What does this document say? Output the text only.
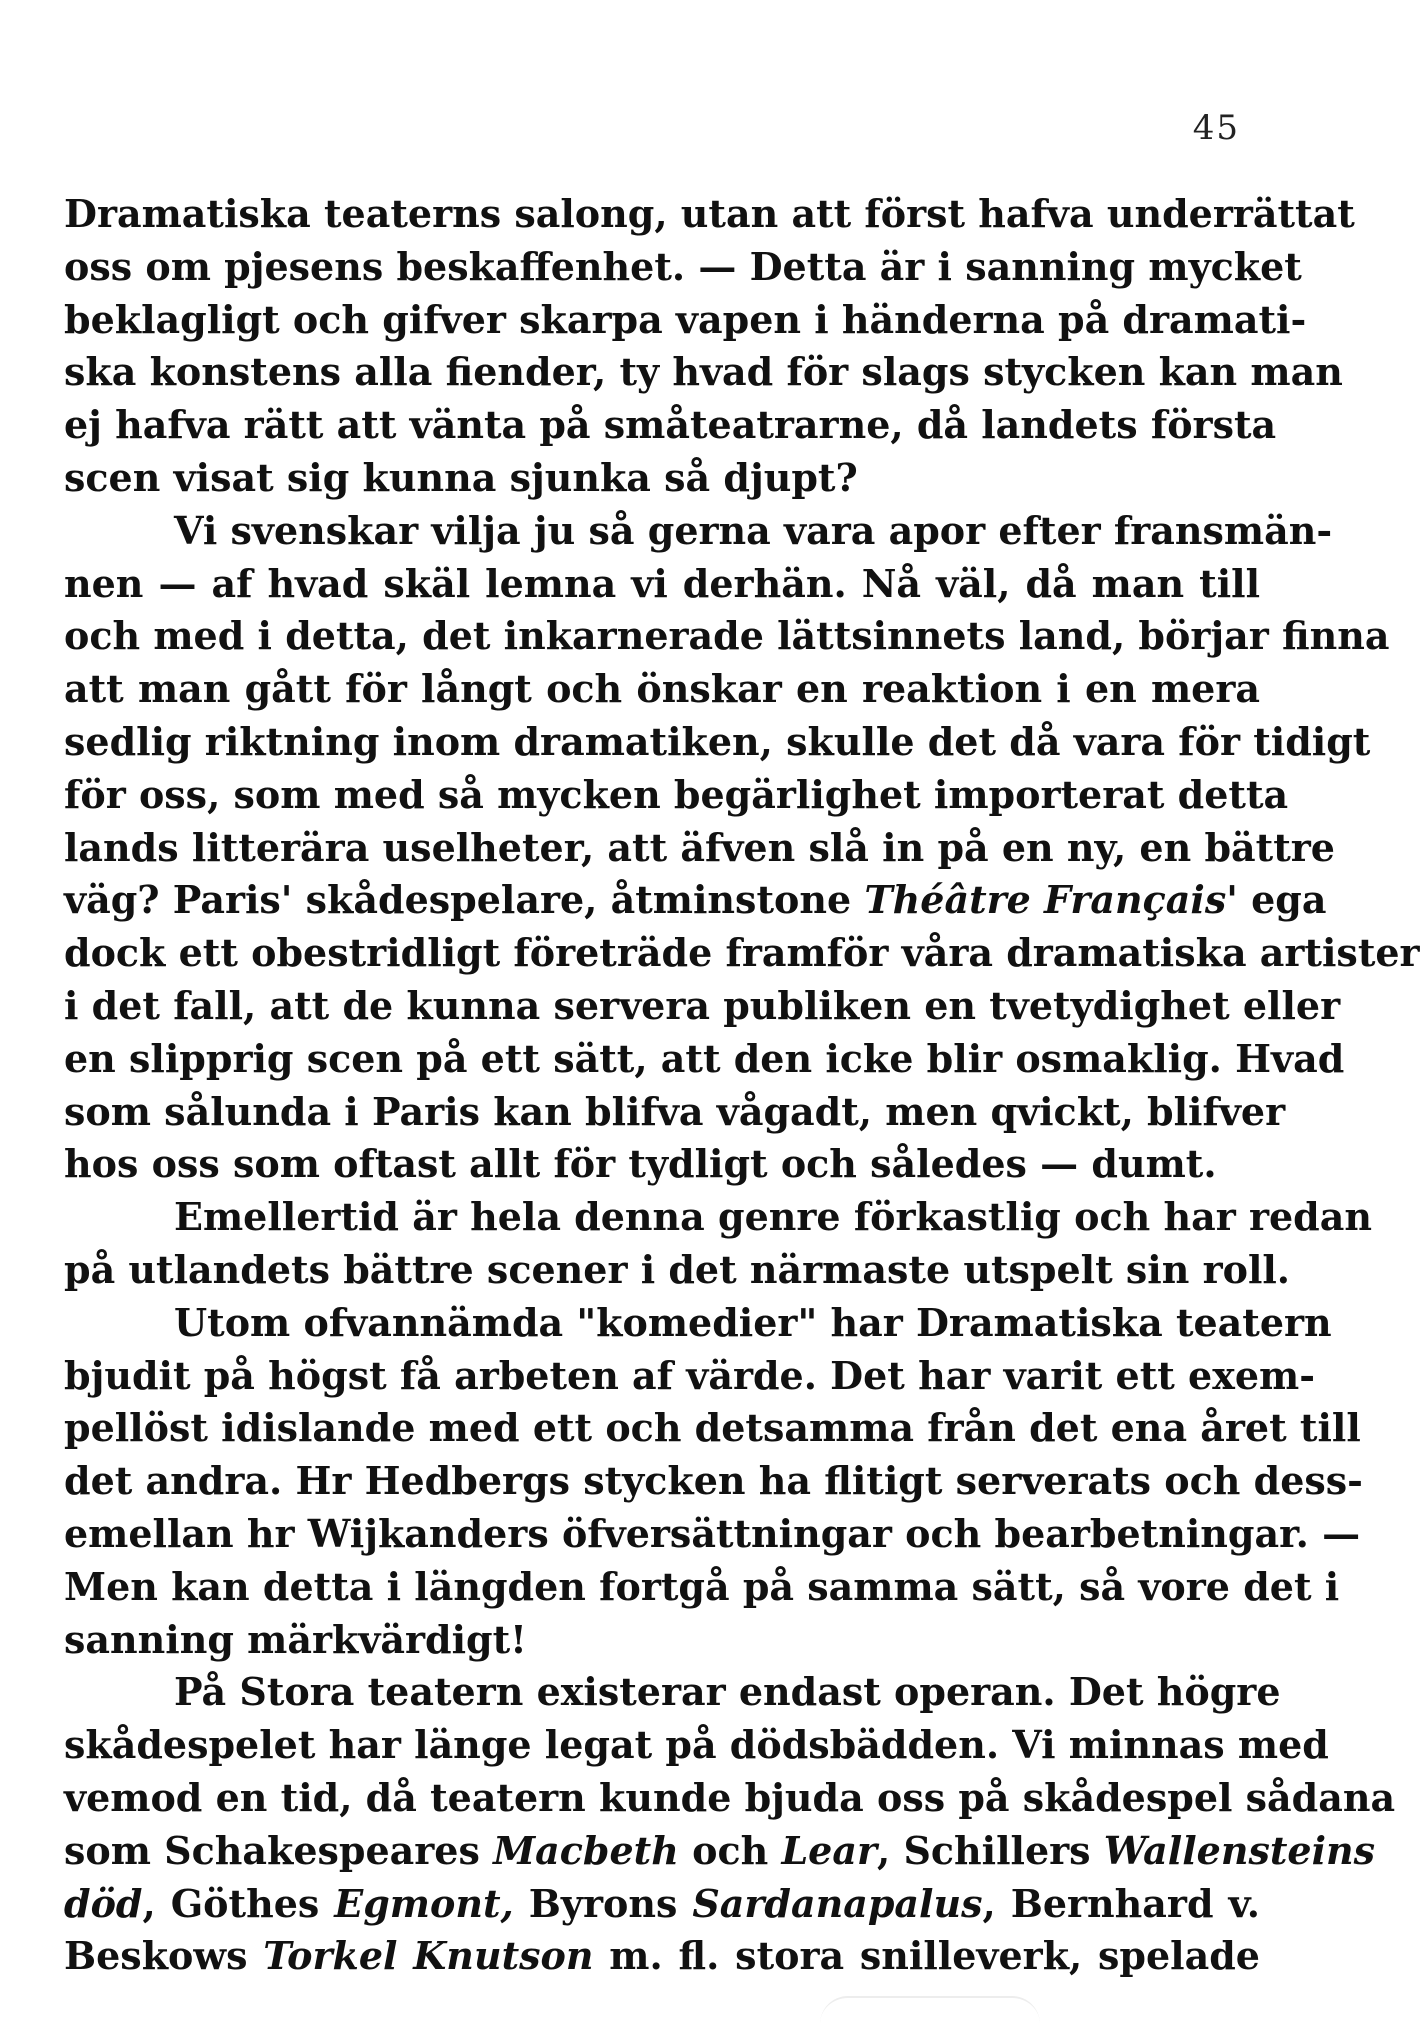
45
Dramatiska teaterns salong, utan att först hafva underrättat
oss om pjesens beskaffenhet. — Detta är i sanning mycket
beklagligt och gifver skarpa vapen i händerna på dramati-
ska konstens alla fiender, ty hvad för slags stycken kan man
ej hafva rätt att vänta på småteatrarne, då landets första
scen visat sig kunna sjunka så djupt?
Vi svenskar vilja ju så gerna vara apor efter fransmän-
nen — af hvad skäl lemna vi derhän. Nå väl, då man till
och med i detta, det inkarnerade lättsinnets land, börjar finna
att man gått för långt och önskar en reaktion i en mera
sedlig riktning inom dramatiken, skulle det då vara för tidigt
för oss, som med så mycken begärlighet importerat detta
lands litterära uselheter, att äfven slå in på en ny, en bättre
väg? Paris' skådespelare, åtminstone Théâtre Français' ega
dock ett obestridligt företräde framför våra dramatiska artister
i det fall, att de kunna servera publiken en tvetydighet eller
en slipprig scen på ett sätt, att den icke blir osmaklig. Hvad
som sålunda i Paris kan blifva vågadt, men qvickt, blifver
hos oss som oftast allt för tydligt och således — dumt.
Emellertid är hela denna genre förkastlig och har redan
på utlandets bättre scener i det närmaste utspelt sin roll.
Utom ofvannämda "komedier" har Dramatiska teatern
bjudit på högst få arbeten af värde. Det har varit ett exem-
pellöst idislande med ett och detsamma från det ena året till
det andra. Hr Hedbergs stycken ha flitigt serverats och dess-
emellan hr Wijkanders öfversättningar och bearbetningar. —
Men kan detta i längden fortgå på samma sätt, så vore det i
sanning märkvärdigt!
På Stora teatern existerar endast operan. Det högre
skådespelet har länge legat på dödsbädden. Vi minnas med
vemod en tid, då teatern kunde bjuda oss på skådespel sådana
som Schakespeares Macbeth och Lear, Schillers Wallensteins
död, Göthes Egmont, Byrons Sardanapalus, Bernhard v.
Beskows Torkel Knutson m. fl. stora snilleverk, spelade
